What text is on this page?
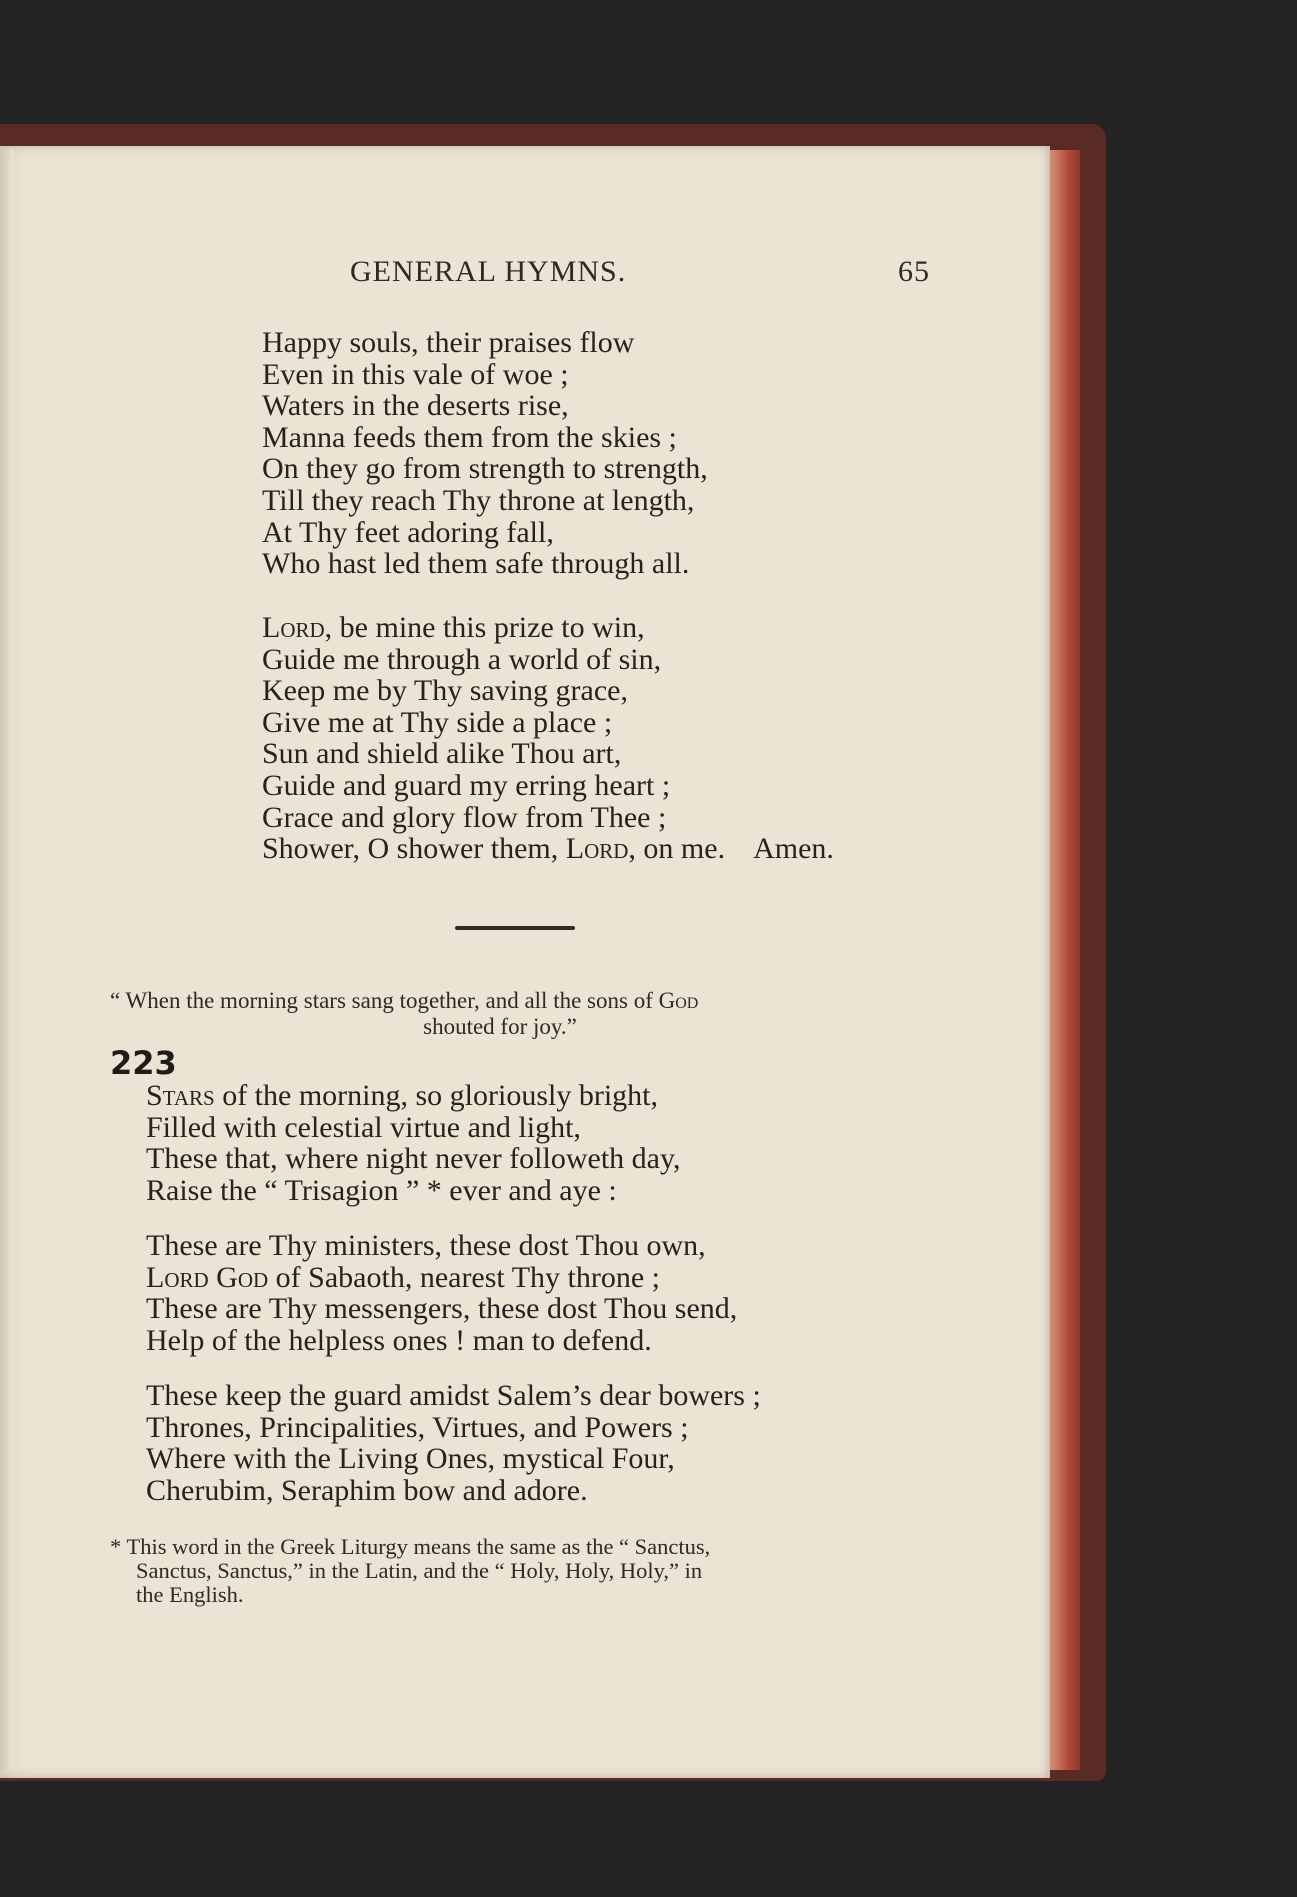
GENERAL HYMNS.	65
Happy souls, their praises flow
Even in this vale of woe ;
Waters in the deserts rise,
Manna feeds them from the skies ;
On they go from strength to strength,
Till they reach Thy throne at length,
At Thy feet adoring fall,
Who hast led them safe through all.
Lord, be mine this prize to win,
Guide me through a world of sin,
Keep me by Thy saving grace,
Give me at Thy side a place ;
Sun and shield alike Thou art,
Guide and guard my erring heart ;
Grace and glory flow from Thee ;
Shower, O shower them, Lord, on me. Amen.
“ When the morning stars sang together, and all the sons of God
shouted for joy.”
223
Stars of the morning, so gloriously bright,
Filled with celestial virtue and light,
These that, where night never followeth day,
Raise the “ Trisagion ” * ever and aye :
These are Thy ministers, these dost Thou own,
Lord God of Sabaoth, nearest Thy throne ;
These are Thy messengers, these dost Thou send,
Help of the helpless ones ! man to defend.
These keep the guard amidst Salem’s dear bowers ;
Thrones, Principalities, Virtues, and Powers ;
Where with the Living Ones, mystical Four,
Cherubim, Seraphim bow and adore.
* This word in the Greek Liturgy means the same as the “ Sanctus,
Sanctus, Sanctus,” in the Latin, and the “ Holy, Holy, Holy,” in
the English.
